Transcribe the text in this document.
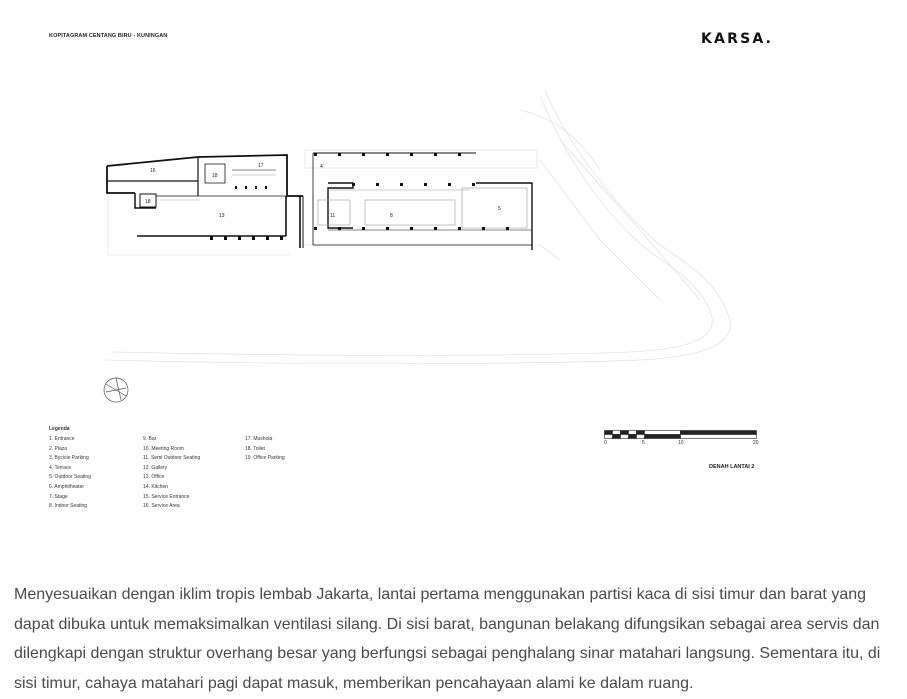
KOPITAGRAM CENTANG BIRU - KUNINGAN	KARSA.
16
18
17
18
13
4
11	8
5
Legenda
1. Entrance
2. Plaza
3. Bycicle Parking
4. Terrace
5. Outdoor Seating
6. Amphitheater
7. Stage
8. Indoor Seating
9. Bar
10. Meeting Room
11. Semi Outdoor Seating
12. Gallery
13. Office
14. Kitchen
15. Service Entrance
16. Service Area
17. Mushola
18. Toilet
19. Office Parking
0	5	10	20
DENAH LANTAI 2

Menyesuaikan dengan iklim tropis lembab Jakarta, lantai pertama menggunakan partisi kaca di sisi timur dan barat yang dapat dibuka untuk memaksimalkan ventilasi silang. Di sisi barat, bangunan belakang difungsikan sebagai area servis dan dilengkapi dengan struktur overhang besar yang berfungsi sebagai penghalang sinar matahari langsung. Sementara itu, di sisi timur, cahaya matahari pagi dapat masuk, memberikan pencahayaan alami ke dalam ruang.
